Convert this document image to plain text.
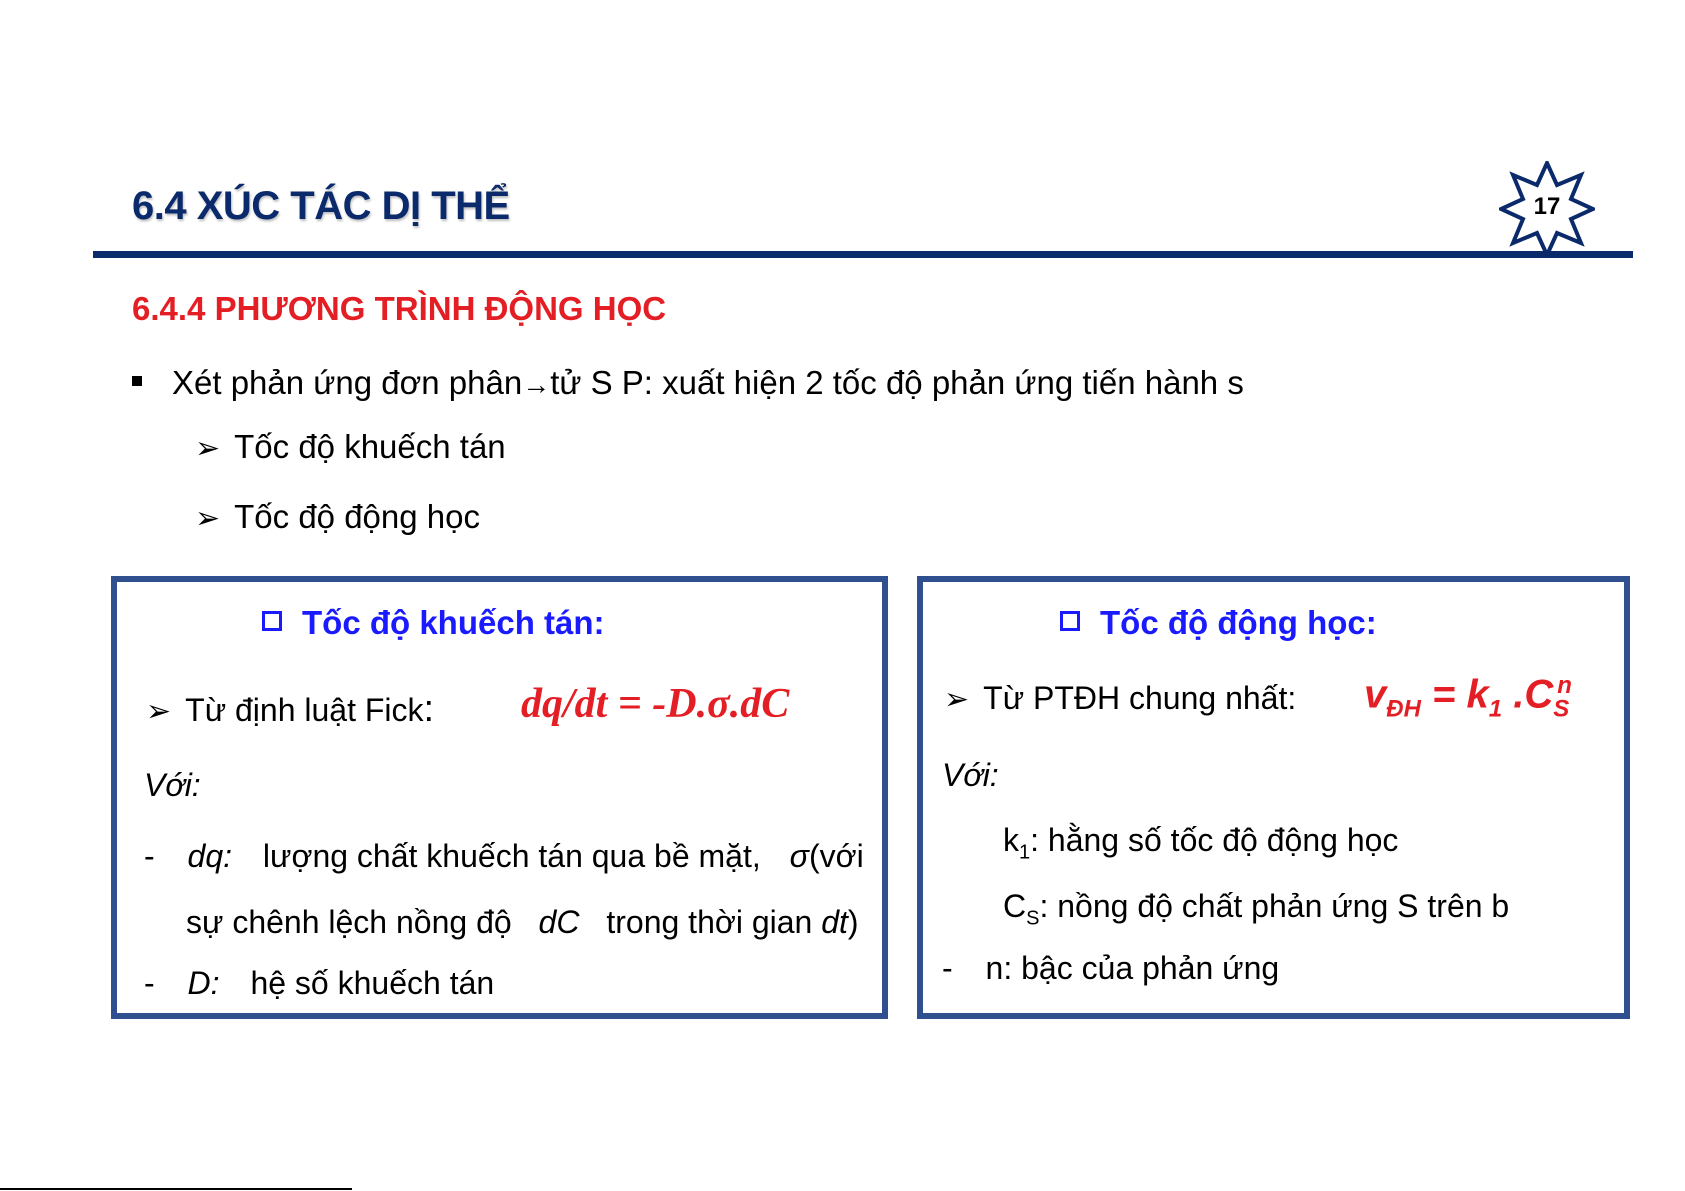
6.4 XÚC TÁC DỊ THỂ	17
6.4.4 PHƯƠNG TRÌNH ĐỘNG HỌC
Xét phản ứng đơn phân→tử S P: xuất hiện 2 tốc độ phản ứng tiến hành s
➢ Tốc độ khuếch tán
➢ Tốc độ động học
Tốc độ khuếch tán:
➢ Từ định luật Fick: dq/dt = -D.σ.dC
Với:
- dq: lượng chất khuếch tán qua bề mặt, σ(với
sự chênh lệch nồng độ dC trong thời gian dt)
- D: hệ số khuếch tán
Tốc độ động học:
➢ Từ PTĐH chung nhất: $v_{ĐH} = k_1$ $.C_S^n$
Với:
$k_1$: hằng số tốc độ động học
$C_S$: nồng độ chất phản ứng S trên b
- n: bậc của phản ứng
